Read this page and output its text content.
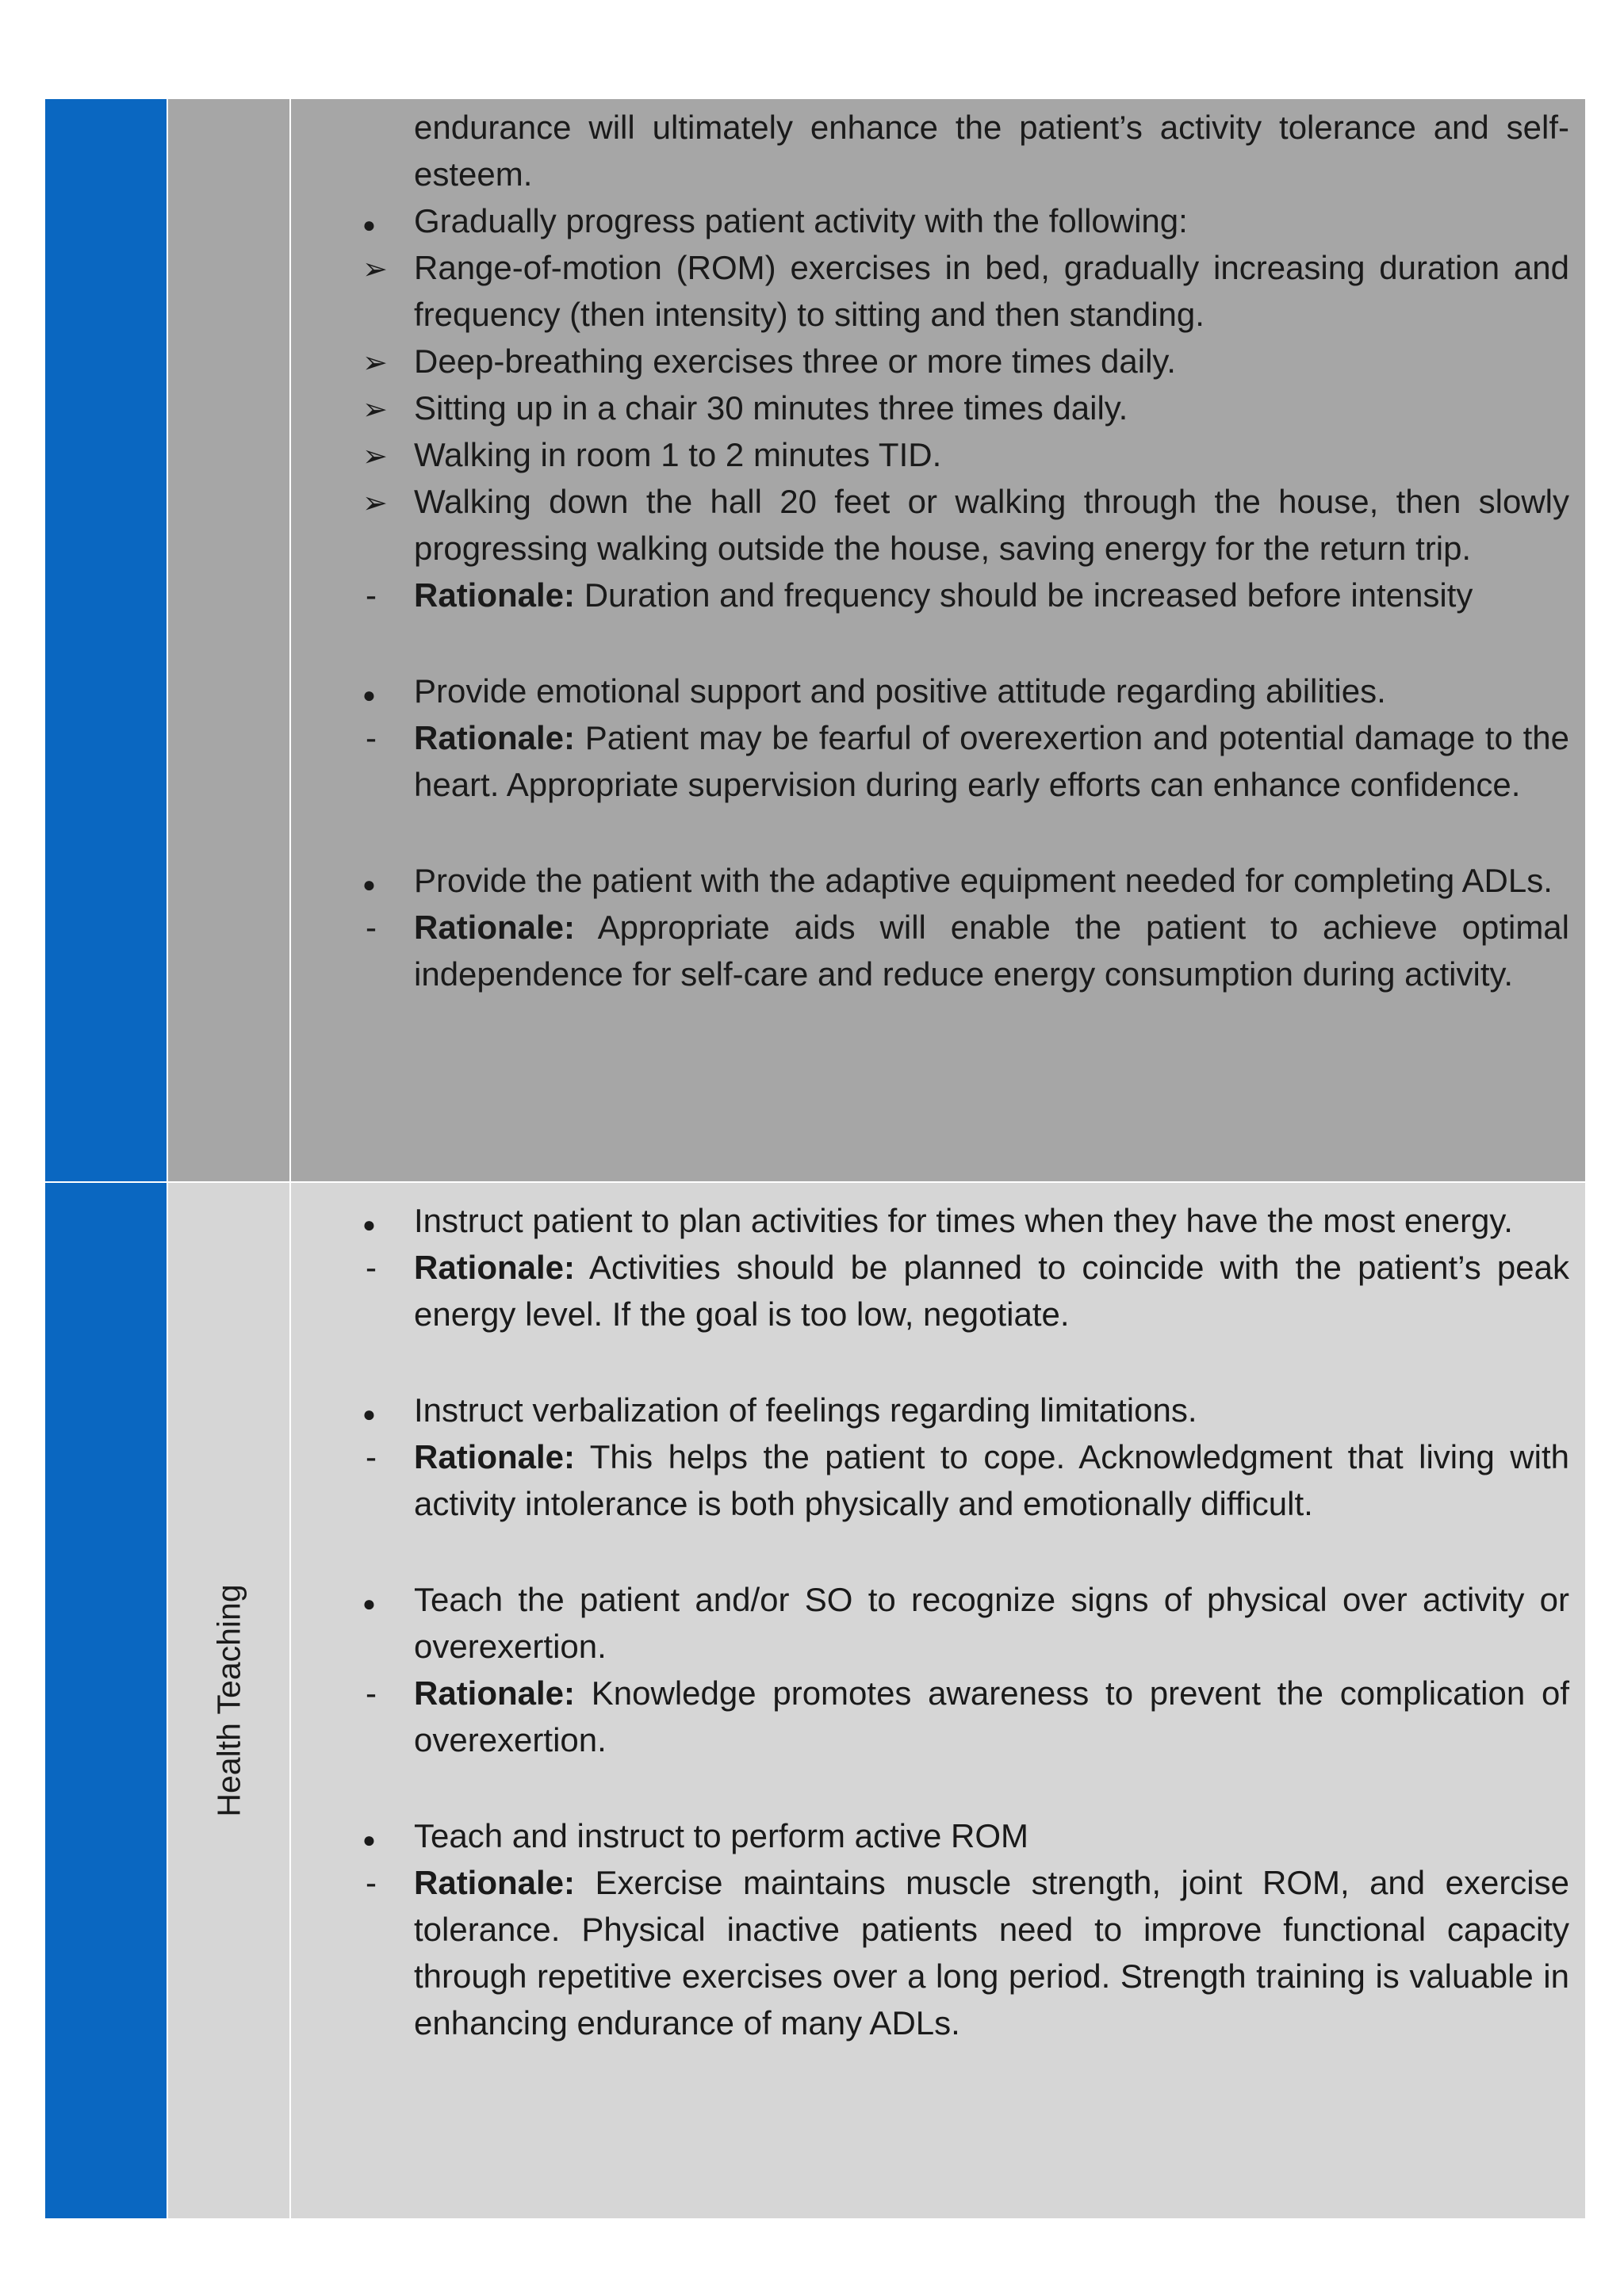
endurance will ultimately enhance the patient’s activity tolerance and self-esteem.
●
Gradually progress patient activity with the following:
➢
Range-of-motion (ROM) exercises in bed, gradually increasing duration and frequency (then intensity) to sitting and then standing.
➢
Deep-breathing exercises three or more times daily.
➢
Sitting up in a chair 30 minutes three times daily.
➢
Walking in room 1 to 2 minutes TID.
➢
Walking down the hall 20 feet or walking through the house, then slowly progressing walking outside the house, saving energy for the return trip.
-
Rationale: Duration and frequency should be increased before intensity
●
Provide emotional support and positive attitude regarding abilities.
-
Rationale: Patient may be fearful of overexertion and potential damage to the heart. Appropriate supervision during early efforts can enhance confidence.
●
Provide the patient with the adaptive equipment needed for completing ADLs.
-
Rationale: Appropriate aids will enable the patient to achieve optimal independence for self-care and reduce energy consumption during activity.
Health Teaching
●
Instruct patient to plan activities for times when they have the most energy.
-
Rationale: Activities should be planned to coincide with the patient’s peak energy level. If the goal is too low, negotiate.
●
Instruct verbalization of feelings regarding limitations.
-
Rationale: This helps the patient to cope. Acknowledgment that living with activity intolerance is both physically and emotionally difficult.
●
Teach the patient and/or SO to recognize signs of physical over activity or overexertion.
-
Rationale: Knowledge promotes awareness to prevent the complication of overexertion.
●
Teach and instruct to perform active ROM
-
Rationale: Exercise maintains muscle strength, joint ROM, and exercise tolerance. Physical inactive patients need to improve functional capacity through repetitive exercises over a long period. Strength training is valuable in enhancing endurance of many ADLs.
